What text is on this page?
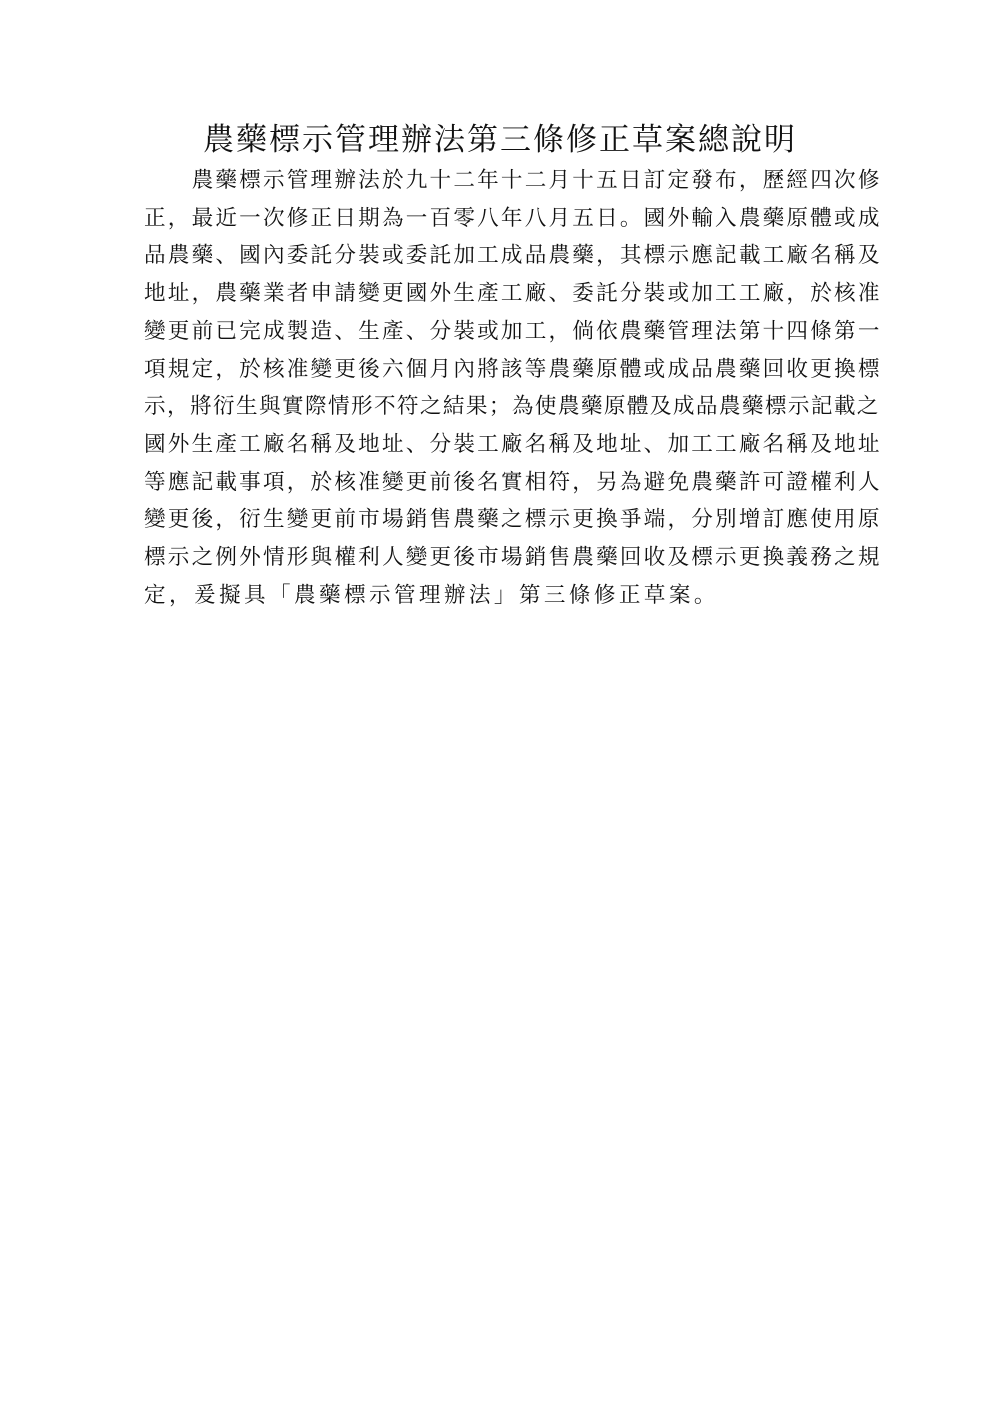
農藥標示管理辦法第三條修正草案總說明
　　農藥標示管理辦法於九十二年十二月十五日訂定發布，歷經四次修
正，最近一次修正日期為一百零八年八月五日。國外輸入農藥原體或成
品農藥、國內委託分裝或委託加工成品農藥，其標示應記載工廠名稱及
地址，農藥業者申請變更國外生產工廠、委託分裝或加工工廠，於核准
變更前已完成製造、生產、分裝或加工，倘依農藥管理法第十四條第一
項規定，於核准變更後六個月內將該等農藥原體或成品農藥回收更換標
示，將衍生與實際情形不符之結果；為使農藥原體及成品農藥標示記載之
國外生產工廠名稱及地址、分裝工廠名稱及地址、加工工廠名稱及地址
等應記載事項，於核准變更前後名實相符，另為避免農藥許可證權利人
變更後，衍生變更前市場銷售農藥之標示更換爭端，分別增訂應使用原
標示之例外情形與權利人變更後市場銷售農藥回收及標示更換義務之規
定，爰擬具「農藥標示管理辦法」第三條修正草案。
